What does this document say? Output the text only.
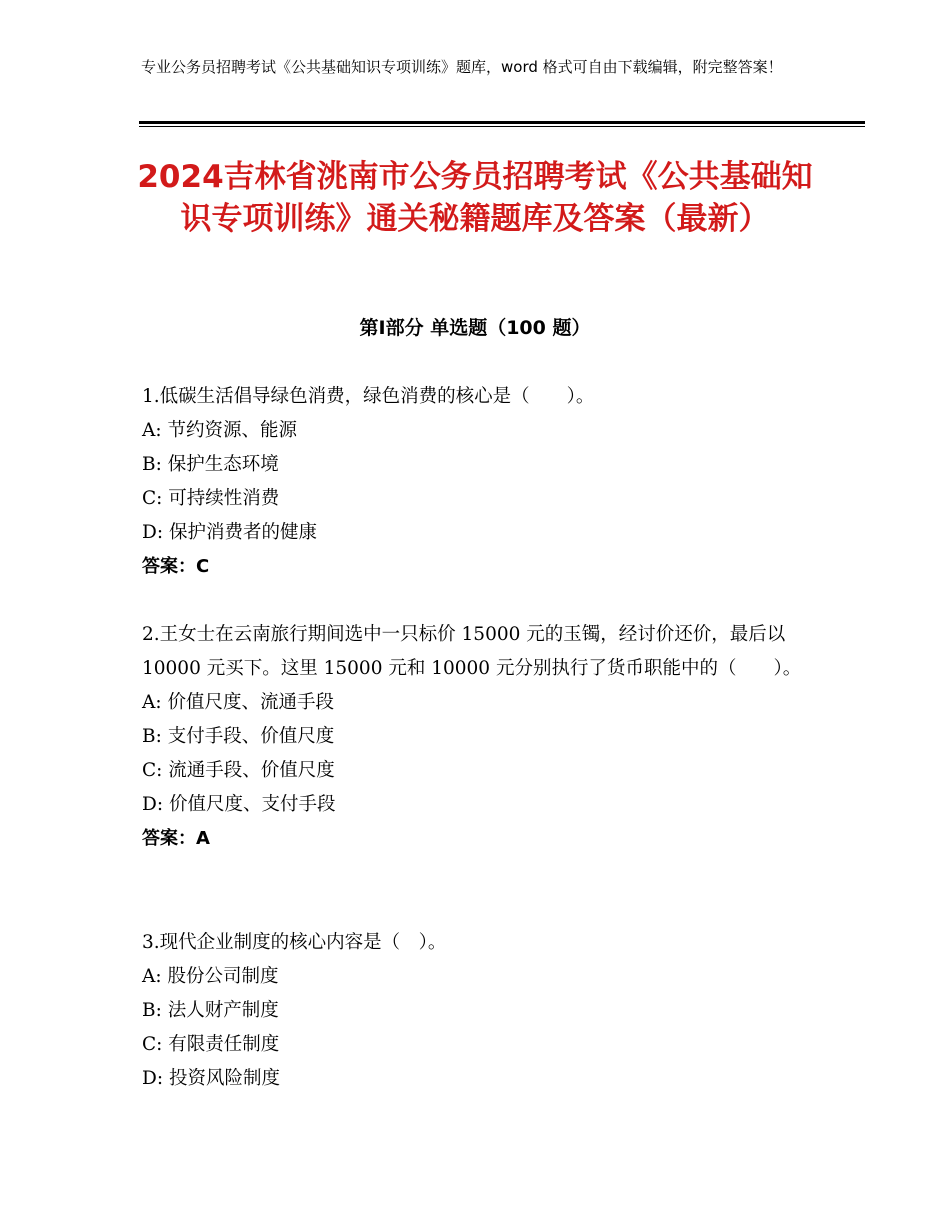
专业公务员招聘考试《公共基础知识专项训练》题库，word 格式可自由下载编辑，附完整答案！
2024吉林省洮南市公务员招聘考试《公共基础知识专项训练》通关秘籍题库及答案（最新）
第Ⅰ部分 单选题（100 题）

1.低碳生活倡导绿色消费，绿色消费的核心是（　　）。

A: 节约资源、能源

B: 保护生态环境

C: 可持续性消费

D: 保护消费者的健康

答案：C

2.王女士在云南旅行期间选中一只标价 15000 元的玉镯，经讨价还价，最后以 10000 元买下。这里 15000 元和 10000 元分别执行了货币职能中的（　　）。

A: 价值尺度、流通手段

B: 支付手段、价值尺度

C: 流通手段、价值尺度

D: 价值尺度、支付手段

答案：A

3.现代企业制度的核心内容是（　）。

A: 股份公司制度

B: 法人财产制度

C: 有限责任制度

D: 投资风险制度
